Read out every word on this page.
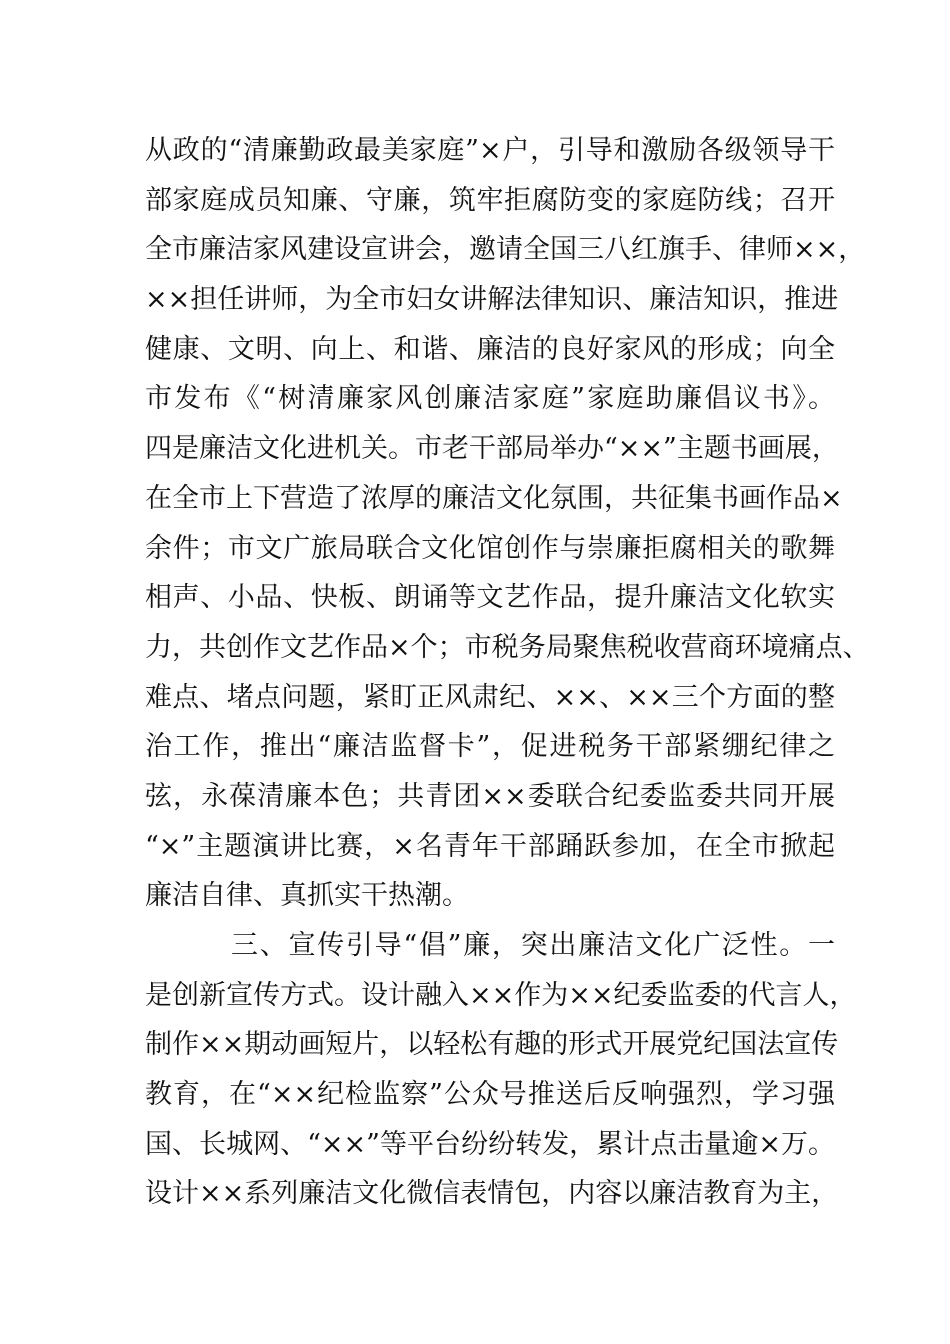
从政的“清廉勤政最美家庭”×户，引导和激励各级领导干
部家庭成员知廉、守廉，筑牢拒腐防变的家庭防线；召开
全市廉洁家风建设宣讲会，邀请全国三八红旗手、律师××，
××担任讲师，为全市妇女讲解法律知识、廉洁知识，推进
健康、文明、向上、和谐、廉洁的良好家风的形成；向全
市发布《“树清廉家风创廉洁家庭”家庭助廉倡议书》。
四是廉洁文化进机关。市老干部局举办“××”主题书画展，
在全市上下营造了浓厚的廉洁文化氛围，共征集书画作品×
余件；市文广旅局联合文化馆创作与崇廉拒腐相关的歌舞
相声、小品、快板、朗诵等文艺作品，提升廉洁文化软实
力，共创作文艺作品×个；市税务局聚焦税收营商环境痛点、
难点、堵点问题，紧盯正风肃纪、××、××三个方面的整
治工作，推出“廉洁监督卡”，促进税务干部紧绷纪律之
弦，永葆清廉本色；共青团××委联合纪委监委共同开展
“×”主题演讲比赛，×名青年干部踊跃参加，在全市掀起
廉洁自律、真抓实干热潮。
三、宣传引导“倡”廉，突出廉洁文化广泛性。一
是创新宣传方式。设计融入××作为××纪委监委的代言人，
制作××期动画短片，以轻松有趣的形式开展党纪国法宣传
教育，在“××纪检监察”公众号推送后反响强烈，学习强
国、长城网、“××”等平台纷纷转发，累计点击量逾×万。
设计××系列廉洁文化微信表情包，内容以廉洁教育为主，
